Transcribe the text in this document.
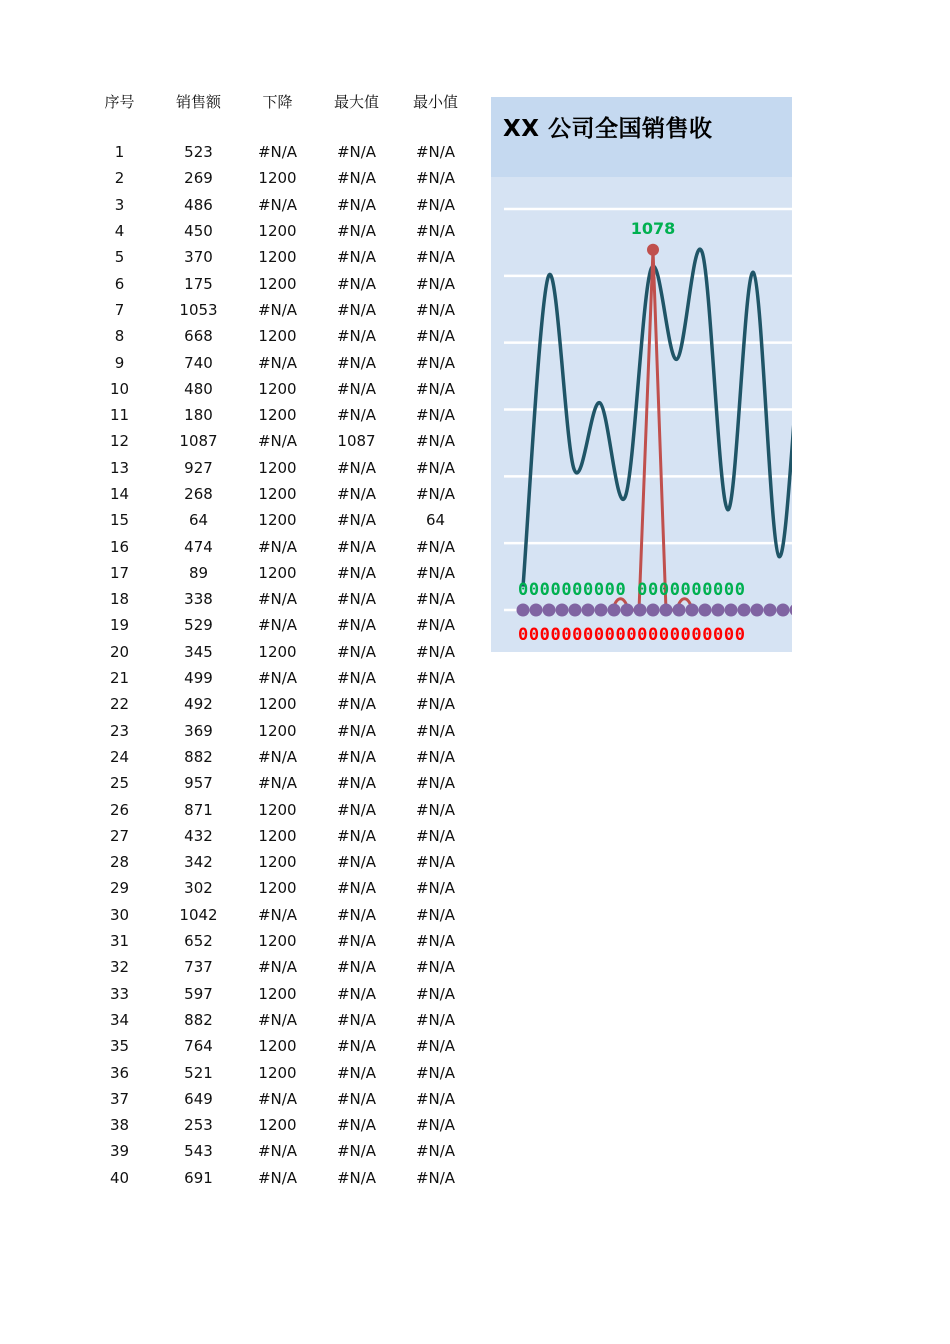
序号	销售额	下降	最大值	最小值

1	523	#N/A	#N/A	#N/A
2	269	1200	#N/A	#N/A
3	486	#N/A	#N/A	#N/A
4	450	1200	#N/A	#N/A
5	370	1200	#N/A	#N/A
6	175	1200	#N/A	#N/A
7	1053	#N/A	#N/A	#N/A
8	668	1200	#N/A	#N/A
9	740	#N/A	#N/A	#N/A
10	480	1200	#N/A	#N/A
11	180	1200	#N/A	#N/A
12	1087	#N/A	1087	#N/A
13	927	1200	#N/A	#N/A
14	268	1200	#N/A	#N/A
15	64	1200	#N/A	64
16	474	#N/A	#N/A	#N/A
17	89	1200	#N/A	#N/A
18	338	#N/A	#N/A	#N/A
19	529	#N/A	#N/A	#N/A
20	345	1200	#N/A	#N/A
21	499	#N/A	#N/A	#N/A
22	492	1200	#N/A	#N/A
23	369	1200	#N/A	#N/A
24	882	#N/A	#N/A	#N/A
25	957	#N/A	#N/A	#N/A
26	871	1200	#N/A	#N/A
27	432	1200	#N/A	#N/A
28	342	1200	#N/A	#N/A
29	302	1200	#N/A	#N/A
30	1042	#N/A	#N/A	#N/A
31	652	1200	#N/A	#N/A
32	737	#N/A	#N/A	#N/A
33	597	1200	#N/A	#N/A
34	882	#N/A	#N/A	#N/A
35	764	1200	#N/A	#N/A
36	521	1200	#N/A	#N/A
37	649	#N/A	#N/A	#N/A
38	253	1200	#N/A	#N/A
39	543	#N/A	#N/A	#N/A
40	691	#N/A	#N/A	#N/A
1078
0000000000 0000000000
000000000000000000000
XX 公司全国销售收
